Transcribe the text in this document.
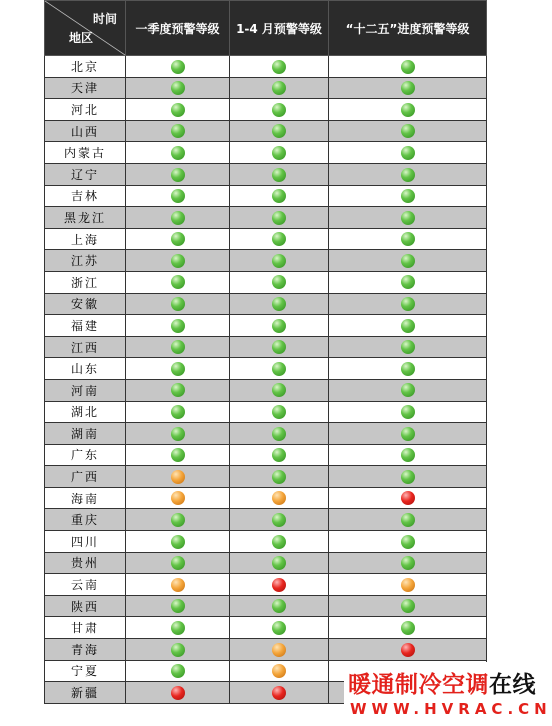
时间
地区	一季度预警等级	1-4 月预警等级	“十二五”进度预警等级
北京			
天津			
河北			
山西			
内蒙古			
辽宁			
吉林			
黑龙江			
上海			
江苏			
浙江			
安徽			
福建			
江西			
山东			
河南			
湖北			
湖南			
广东			
广西			
海南			
重庆			
四川			
贵州			
云南			
陕西			
甘肃			
青海			
宁夏			
新疆				暖通制冷空调在线
WWW.HVRAC.CN
